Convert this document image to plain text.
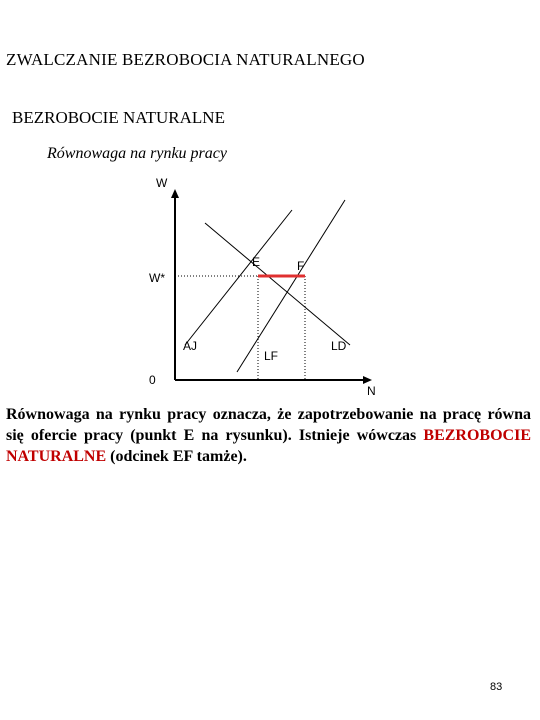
ZWALCZANIE BEZROBOCIA NATURALNEGO
BEZROBOCIE NATURALNE
Równowaga na rynku pracy
W
N
0
W*
E	F
AJ
LF
LD
Równowaga na rynku pracy oznacza, że zapotrzebowanie na pracę równa się ofercie pracy (punkt E na rysunku). Istnieje wówczas BEZROBOCIE NATURALNE (odcinek EF tamże).
83
